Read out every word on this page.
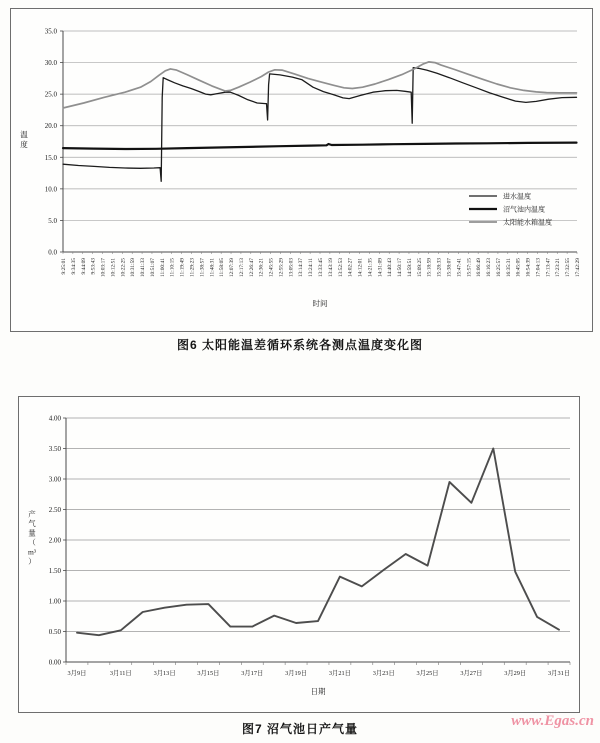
35.0
30.0
25.0
20.0
15.0
10.0
5.0
0.0
9:25:01 9:34:35 9:44:09 9:53:43 10:03:17 10:12:51 10:22:25 10:31:59 10:41:33 10:51:07 11:00:41 11:10:15 11:19:49 11:29:23 11:38:57 11:48:31 11:58:05 12:07:39 12:17:13 12:26:47 12:36:21 12:45:55 12:55:29 13:05:03 13:14:37 13:24:11 13:33:45 13:43:19 13:52:53 14:02:27 14:12:01 14:21:35 14:31:09 14:40:43 14:50:17 14:59:51 15:09:25 15:18:59 15:28:33 15:38:07 15:47:41 15:57:15 16:06:49 16:16:23 16:25:57 16:35:31 16:45:05 16:54:39 17:04:13 17:13:47 17:23:21 17:32:55 17:42:29
进水温度
沼气池内温度
太阳能水箱温度
温
度
时间
图6 太阳能温差循环系统各测点温度变化图
4.00
3.50
3.00
2.50
2.00
1.50
1.00
0.50
0.00
3月9日	3月11日	3月13日	3月15日	3月17日	3月19日	3月21日	3月23日	3月25日	3月27日	3月29日	3月31日
产
气
量
（
m³
）
日期
图7 沼气池日产气量	www.Egas.cn
